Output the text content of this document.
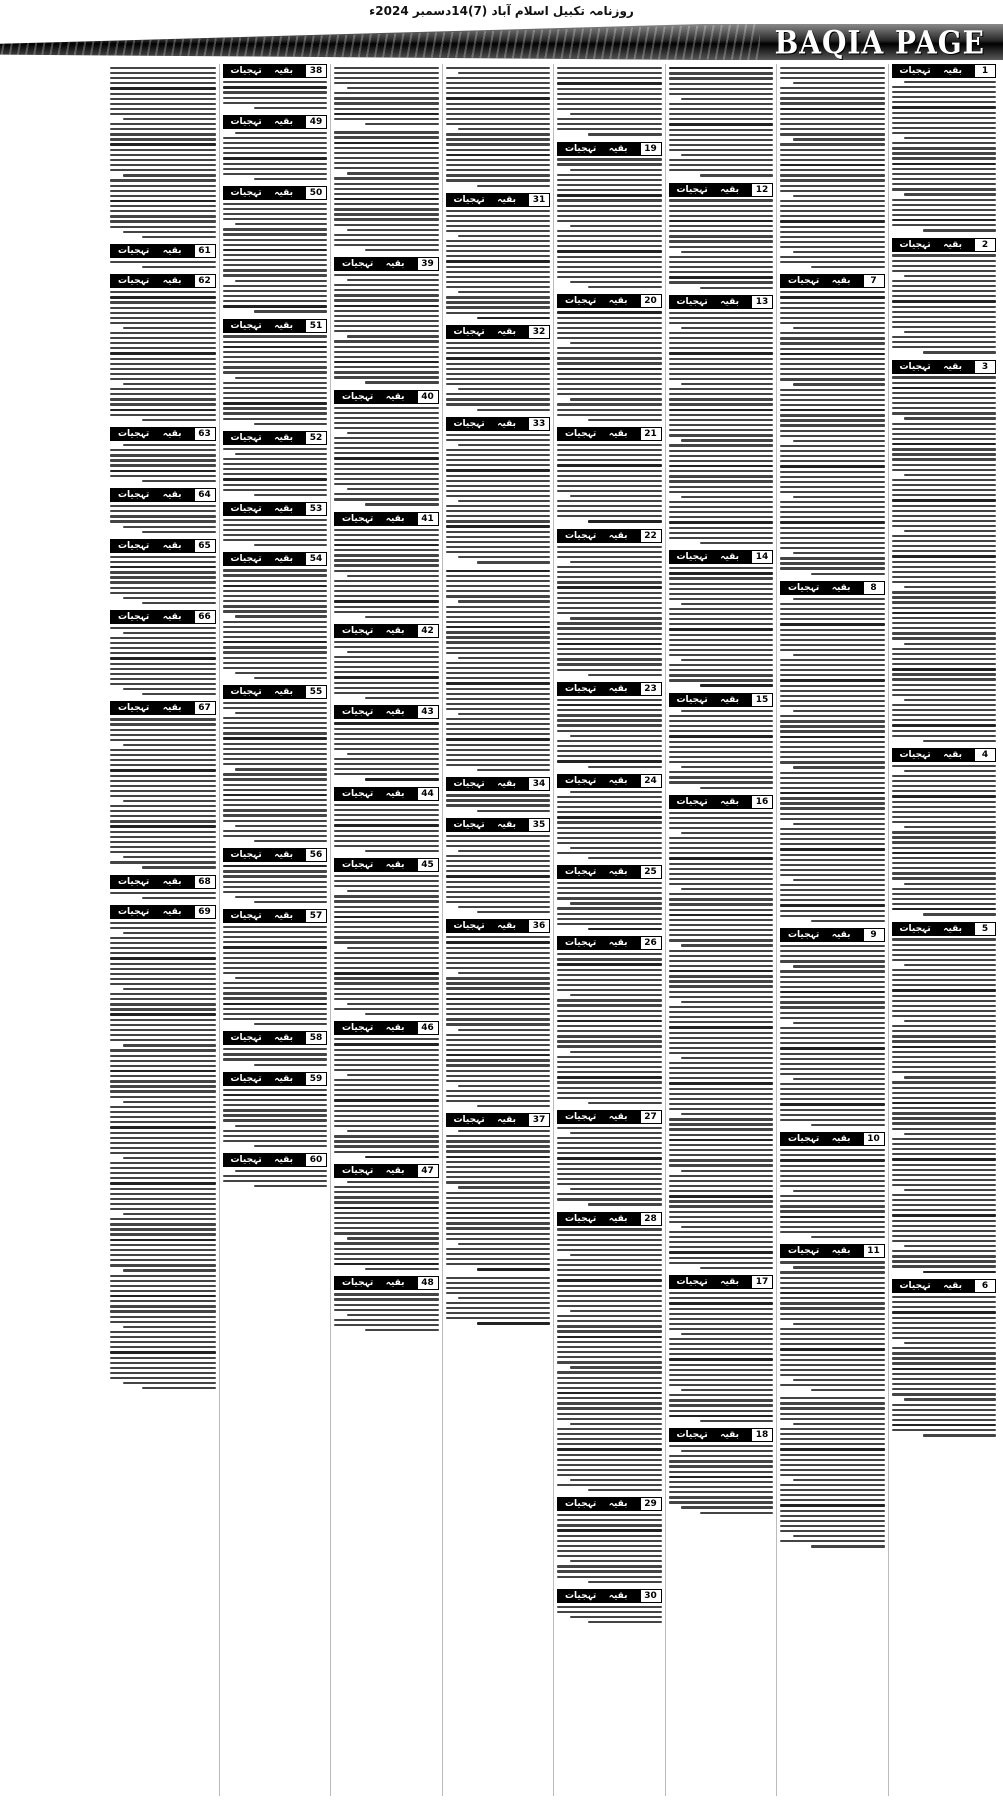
روزنامہ تکبیل اسلام آباد (7)14دسمبر 2024ء
BAQIA PAGE
1
بقیہ
تہجیات
2
بقیہ
تہجیات
3
بقیہ
تہجیات
4
بقیہ
تہجیات
5
بقیہ
تہجیات
6
بقیہ
تہجیات
7
بقیہ
تہجیات
8
بقیہ
تہجیات
9
بقیہ
تہجیات
10
بقیہ
تہجیات
11
بقیہ
تہجیات
12
بقیہ
تہجیات
13
بقیہ
تہجیات
14
بقیہ
تہجیات
15
بقیہ
تہجیات
16
بقیہ
تہجیات
17
بقیہ
تہجیات
18
بقیہ
تہجیات
19
بقیہ
تہجیات
20
بقیہ
تہجیات
21
بقیہ
تہجیات
22
بقیہ
تہجیات
23
بقیہ
تہجیات
24
بقیہ
تہجیات
25
بقیہ
تہجیات
26
بقیہ
تہجیات
27
بقیہ
تہجیات
28
بقیہ
تہجیات
29
بقیہ
تہجیات
30
بقیہ
تہجیات
31
بقیہ
تہجیات
32
بقیہ
تہجیات
33
بقیہ
تہجیات
34
بقیہ
تہجیات
35
بقیہ
تہجیات
36
بقیہ
تہجیات
37
بقیہ
تہجیات
39
بقیہ
تہجیات
40
بقیہ
تہجیات
41
بقیہ
تہجیات
42
بقیہ
تہجیات
43
بقیہ
تہجیات
44
بقیہ
تہجیات
45
بقیہ
تہجیات
46
بقیہ
تہجیات
47
بقیہ
تہجیات
48
بقیہ
تہجیات
38
بقیہ
تہجیات
49
بقیہ
تہجیات
50
بقیہ
تہجیات
51
بقیہ
تہجیات
52
بقیہ
تہجیات
53
بقیہ
تہجیات
54
بقیہ
تہجیات
55
بقیہ
تہجیات
56
بقیہ
تہجیات
57
بقیہ
تہجیات
58
بقیہ
تہجیات
59
بقیہ
تہجیات
60
بقیہ
تہجیات
61
بقیہ
تہجیات
62
بقیہ
تہجیات
63
بقیہ
تہجیات
64
بقیہ
تہجیات
65
بقیہ
تہجیات
66
بقیہ
تہجیات
67
بقیہ
تہجیات
68
بقیہ
تہجیات
69
بقیہ
تہجیات
